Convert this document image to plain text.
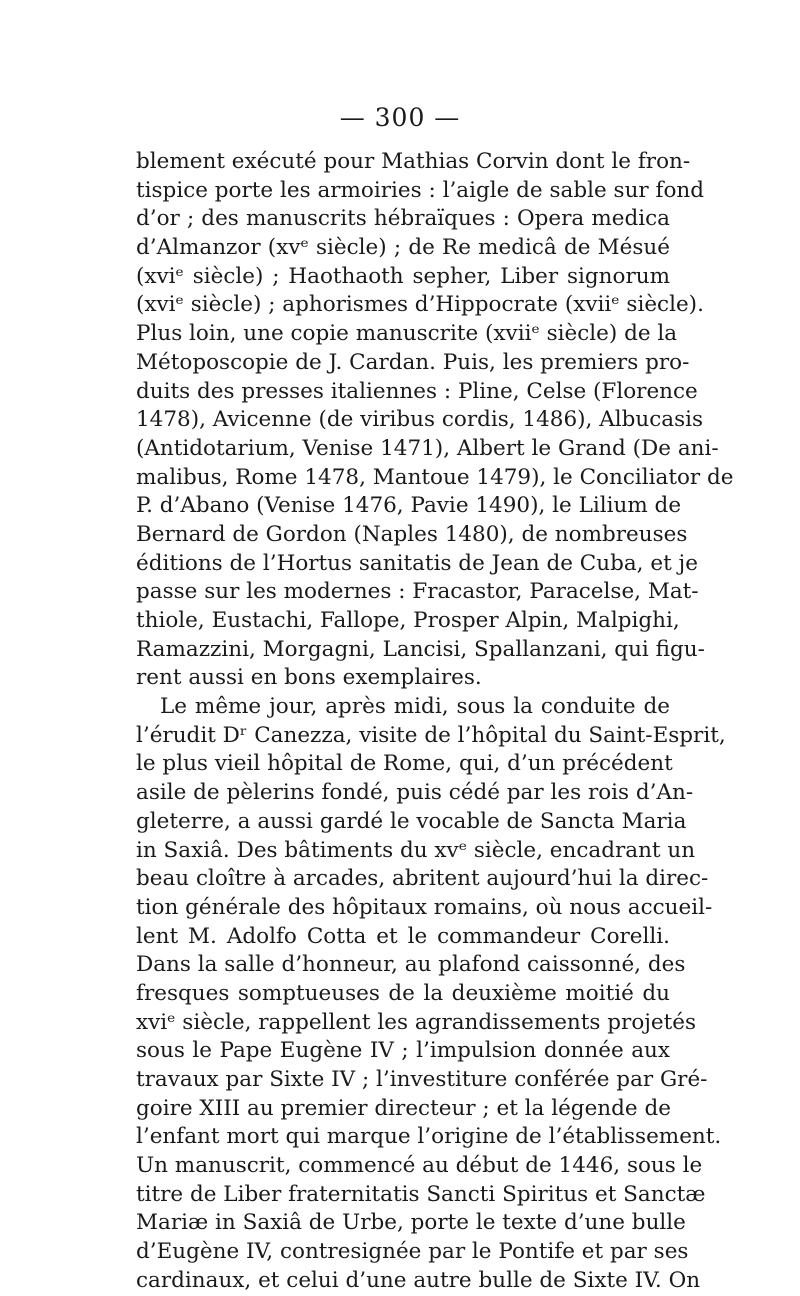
— 300 —
blement exécuté pour Mathias Corvin dont le fron-
tispice porte les armoiries : l’aigle de sable sur fond
d’or ; des manuscrits hébraïques : Opera medica
d’Almanzor (xvᵉ siècle) ; de Re medicâ de Mésué
(xviᵉ siècle) ; Haothaoth sepher, Liber signorum
(xviᵉ siècle) ; aphorismes d’Hippocrate (xviiᵉ siècle).
Plus loin, une copie manuscrite (xviiᵉ siècle) de la
Métoposcopie de J. Cardan. Puis, les premiers pro-
duits des presses italiennes : Pline, Celse (Florence
1478), Avicenne (de viribus cordis, 1486), Albucasis
(Antidotarium, Venise 1471), Albert le Grand (De ani-
malibus, Rome 1478, Mantoue 1479), le Conciliator de
P. d’Abano (Venise 1476, Pavie 1490), le Lilium de
Bernard de Gordon (Naples 1480), de nombreuses
éditions de l’Hortus sanitatis de Jean de Cuba, et je
passe sur les modernes : Fracastor, Paracelse, Mat-
thiole, Eustachi, Fallope, Prosper Alpin, Malpighi,
Ramazzini, Morgagni, Lancisi, Spallanzani, qui figu-
rent aussi en bons exemplaires.
Le même jour, après midi, sous la conduite de
l’érudit Dʳ Canezza, visite de l’hôpital du Saint-Esprit,
le plus vieil hôpital de Rome, qui, d’un précédent
asile de pèlerins fondé, puis cédé par les rois d’An-
gleterre, a aussi gardé le vocable de Sancta Maria
in Saxiâ. Des bâtiments du xvᵉ siècle, encadrant un
beau cloître à arcades, abritent aujourd’hui la direc-
tion générale des hôpitaux romains, où nous accueil-
lent M. Adolfo Cotta et le commandeur Corelli.
Dans la salle d’honneur, au plafond caissonné, des
fresques somptueuses de la deuxième moitié du
xviᵉ siècle, rappellent les agrandissements projetés
sous le Pape Eugène IV ; l’impulsion donnée aux
travaux par Sixte IV ; l’investiture conférée par Gré-
goire XIII au premier directeur ; et la légende de
l’enfant mort qui marque l’origine de l’établissement.
Un manuscrit, commencé au début de 1446, sous le
titre de Liber fraternitatis Sancti Spiritus et Sanctæ
Mariæ in Saxiâ de Urbe, porte le texte d’une bulle
d’Eugène IV, contresignée par le Pontife et par ses
cardinaux, et celui d’une autre bulle de Sixte IV. On
